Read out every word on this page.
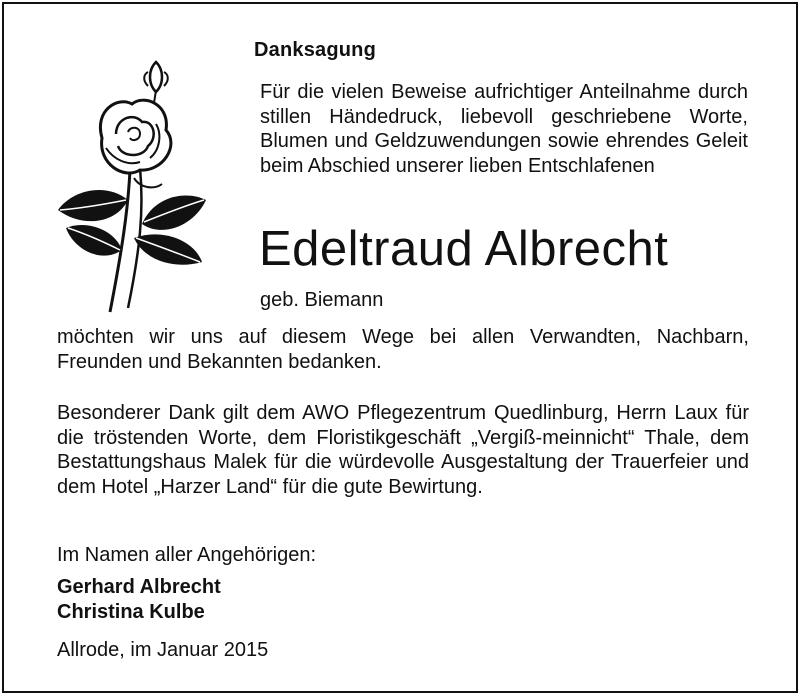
Danksagung

Für die vielen Beweise aufrichtiger Anteilnahme durch stillen Händedruck, liebevoll geschriebene Worte, Blumen und Geldzuwendungen sowie ehrendes Geleit beim Abschied unserer lieben Entschlafenen

Edeltraud Albrecht

geb. Biemann

möchten wir uns auf diesem Wege bei allen Verwandten, Nachbarn, Freunden und Bekannten bedanken.

Besonderer Dank gilt dem AWO Pflegezentrum Quedlinburg, Herrn Laux für die tröstenden Worte, dem Floristikgeschäft „Vergiß-meinnicht“ Thale, dem Bestattungshaus Malek für die würdevolle Ausgestaltung der Trauerfeier und dem Hotel „Harzer Land“ für die gute Bewirtung.

Im Namen aller Angehörigen:

Gerhard Albrecht

Christina Kulbe

Allrode, im Januar 2015
